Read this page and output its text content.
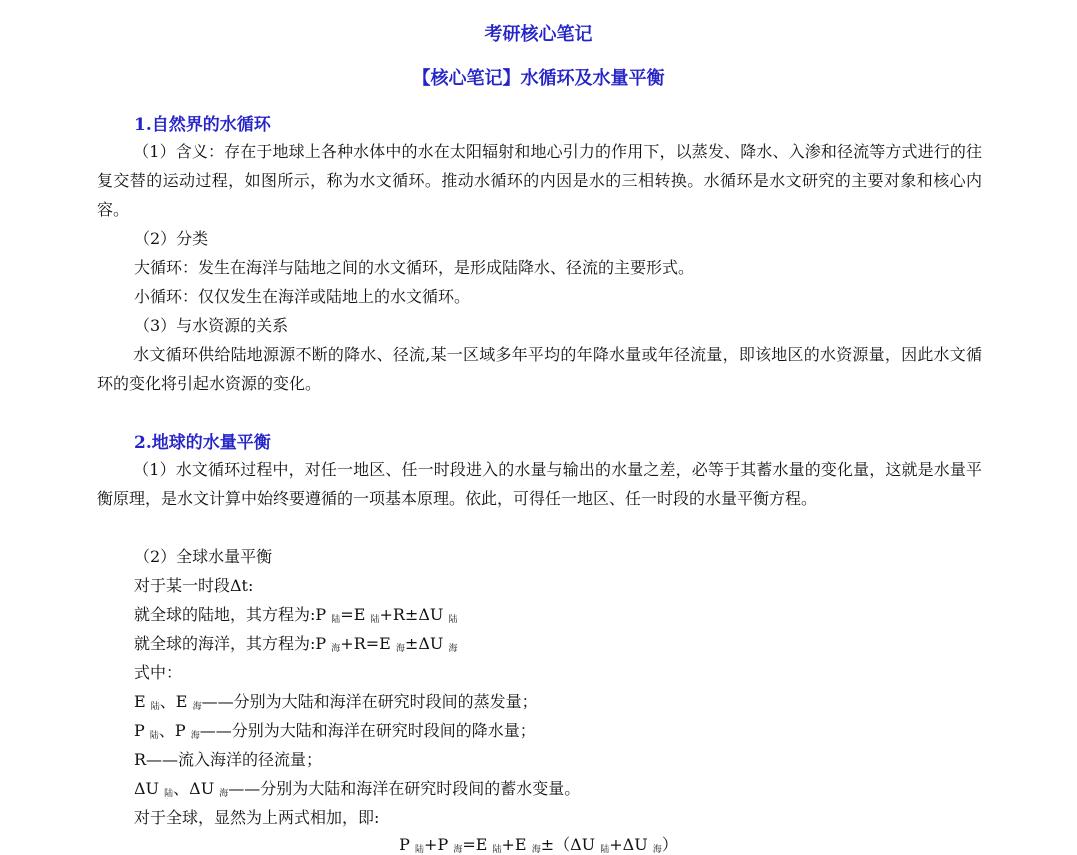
考研核心笔记
【核心笔记】水循环及水量平衡
1.自然界的水循环
（1）含义：存在于地球上各种水体中的水在太阳辐射和地心引力的作用下，以蒸发、降水、入渗和径流等方式进行的往复交替的运动过程，如图所示，称为水文循环。推动水循环的内因是水的三相转换。水循环是水文研究的主要对象和核心内容。
（2）分类
大循环：发生在海洋与陆地之间的水文循环，是形成陆降水、径流的主要形式。
小循环：仅仅发生在海洋或陆地上的水文循环。
（3）与水资源的关系
水文循环供给陆地源源不断的降水、径流,某一区域多年平均的年降水量或年径流量，即该地区的水资源量，因此水文循环的变化将引起水资源的变化。
2.地球的水量平衡
（1）水文循环过程中，对任一地区、任一时段进入的水量与输出的水量之差，必等于其蓄水量的变化量，这就是水量平衡原理，是水文计算中始终要遵循的一项基本原理。依此，可得任一地区、任一时段的水量平衡方程。
（2）全球水量平衡
对于某一时段Δt:
就全球的陆地，其方程为:P $_陆$=E $_陆$+R±ΔU $_陆$
就全球的海洋，其方程为:P $_海$+R=E $_海$±ΔU $_海$
式中：
E $_陆$、E $_海$——分别为大陆和海洋在研究时段间的蒸发量；
P $_陆$、P $_海$——分别为大陆和海洋在研究时段间的降水量；
R——流入海洋的径流量；
ΔU $_陆$、ΔU $_海$——分别为大陆和海洋在研究时段间的蓄水变量。
对于全球，显然为上两式相加，即:
P $_陆$+P $_海$=E $_陆$+E $_海$±（ΔU $_陆$+ΔU $_海$）
